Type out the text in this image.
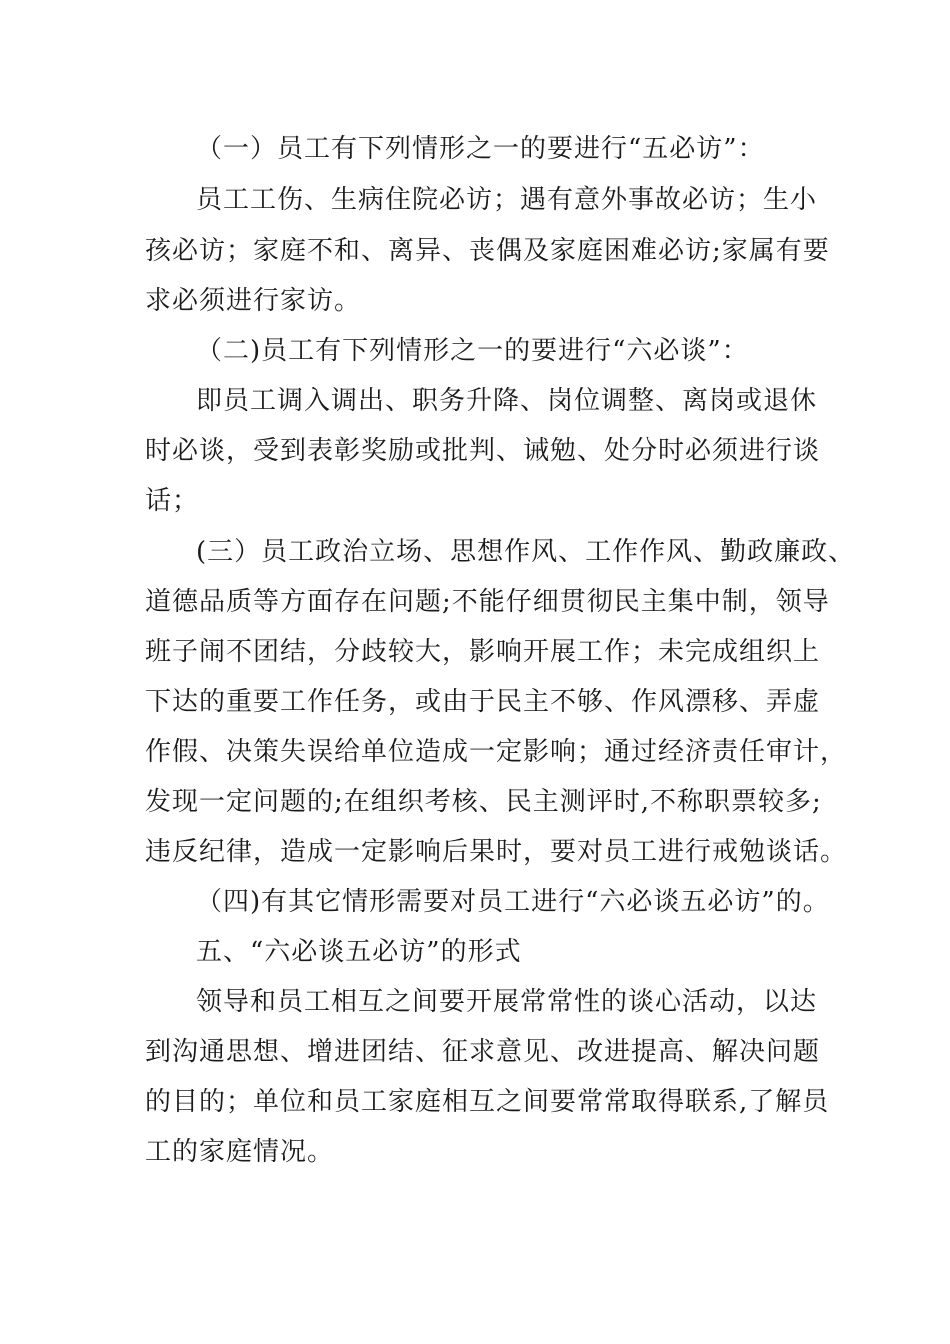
（一）员工有下列情形之一的要进行“五必访”：
员工工伤、生病住院必访；遇有意外事故必访；生小
孩必访；家庭不和、离异、丧偶及家庭困难必访;家属有要
求必须进行家访。
（二)员工有下列情形之一的要进行“六必谈”：
即员工调入调出、职务升降、岗位调整、离岗或退休
时必谈，受到表彰奖励或批判、诫勉、处分时必须进行谈
话；
(三）员工政治立场、思想作风、工作作风、勤政廉政、
道德品质等方面存在问题;不能仔细贯彻民主集中制，领导
班子闹不团结，分歧较大，影响开展工作；未完成组织上
下达的重要工作任务，或由于民主不够、作风漂移、弄虚
作假、决策失误给单位造成一定影响；通过经济责任审计，
发现一定问题的;在组织考核、民主测评时,不称职票较多;
违反纪律，造成一定影响后果时，要对员工进行戒勉谈话。
（四)有其它情形需要对员工进行“六必谈五必访”的。
五、“六必谈五必访”的形式
领导和员工相互之间要开展常常性的谈心活动，以达
到沟通思想、增进团结、征求意见、改进提高、解决问题
的目的；单位和员工家庭相互之间要常常取得联系,了解员
工的家庭情况。
